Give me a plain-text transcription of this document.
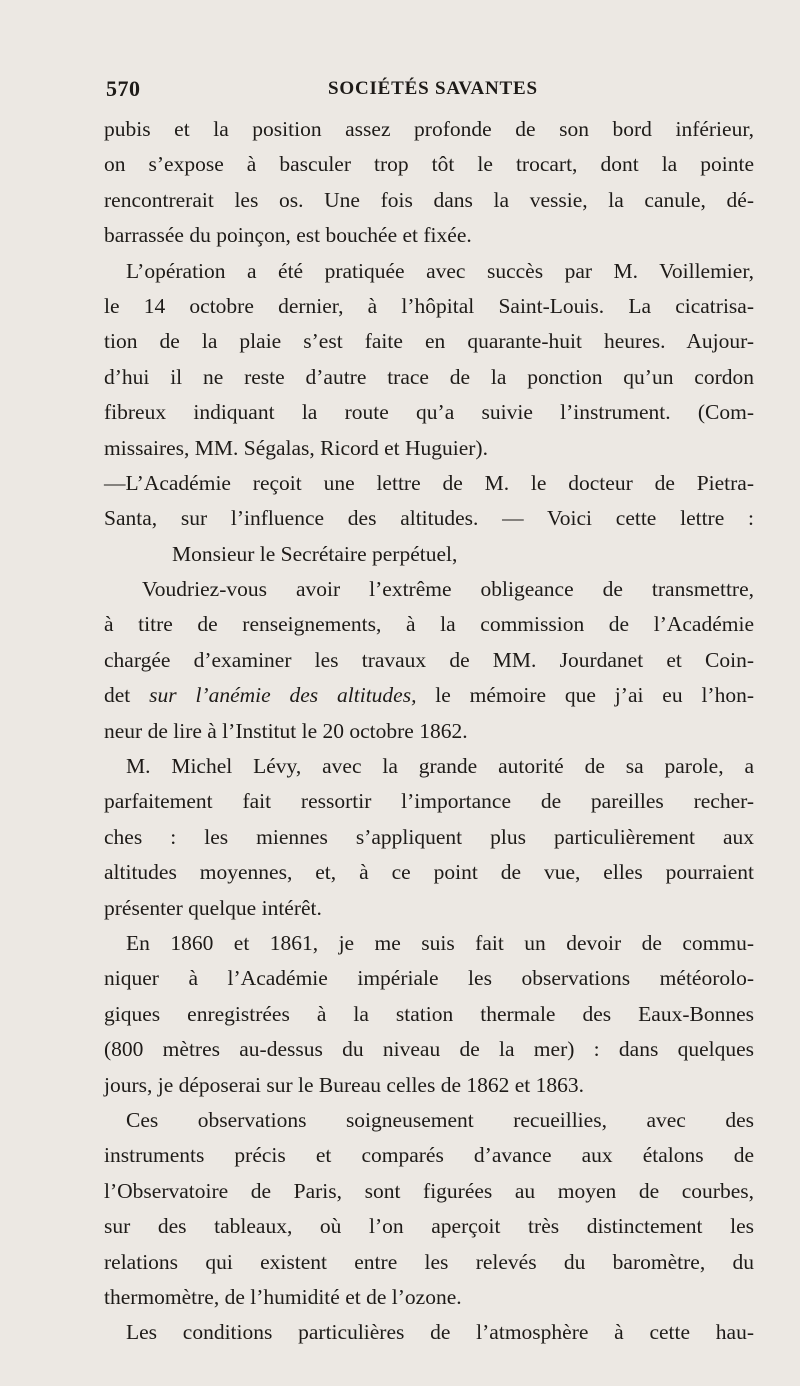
570	SOCIÉTÉS SAVANTES
pubis et la position assez profonde de son bord inférieur,
on s’expose à basculer trop tôt le trocart, dont la pointe
rencontrerait les os. Une fois dans la vessie, la canule, dé-
barrassée du poinçon, est bouchée et fixée.
L’opération a été pratiquée avec succès par M. Voillemier,
le 14 octobre dernier, à l’hôpital Saint-Louis. La cicatrisa-
tion de la plaie s’est faite en quarante-huit heures. Aujour-
d’hui il ne reste d’autre trace de la ponction qu’un cordon
fibreux indiquant la route qu’a suivie l’instrument. (Com-
missaires, MM. Ségalas, Ricord et Huguier).
—L’Académie reçoit une lettre de M. le docteur de Pietra-
Santa, sur l’influence des altitudes. — Voici cette lettre :
Monsieur le Secrétaire perpétuel,
Voudriez-vous avoir l’extrême obligeance de transmettre,
à titre de renseignements, à la commission de l’Académie
chargée d’examiner les travaux de MM. Jourdanet et Coin-
det sur l’anémie des altitudes, le mémoire que j’ai eu l’hon-
neur de lire à l’Institut le 20 octobre 1862.
M. Michel Lévy, avec la grande autorité de sa parole, a
parfaitement fait ressortir l’importance de pareilles recher-
ches : les miennes s’appliquent plus particulièrement aux
altitudes moyennes, et, à ce point de vue, elles pourraient
présenter quelque intérêt.
En 1860 et 1861, je me suis fait un devoir de commu-
niquer à l’Académie impériale les observations météorolo-
giques enregistrées à la station thermale des Eaux-Bonnes
(800 mètres au-dessus du niveau de la mer) : dans quelques
jours, je déposerai sur le Bureau celles de 1862 et 1863.
Ces observations soigneusement recueillies, avec des
instruments précis et comparés d’avance aux étalons de
l’Observatoire de Paris, sont figurées au moyen de courbes,
sur des tableaux, où l’on aperçoit très distinctement les
relations qui existent entre les relevés du baromètre, du
thermomètre, de l’humidité et de l’ozone.
Les conditions particulières de l’atmosphère à cette hau-
